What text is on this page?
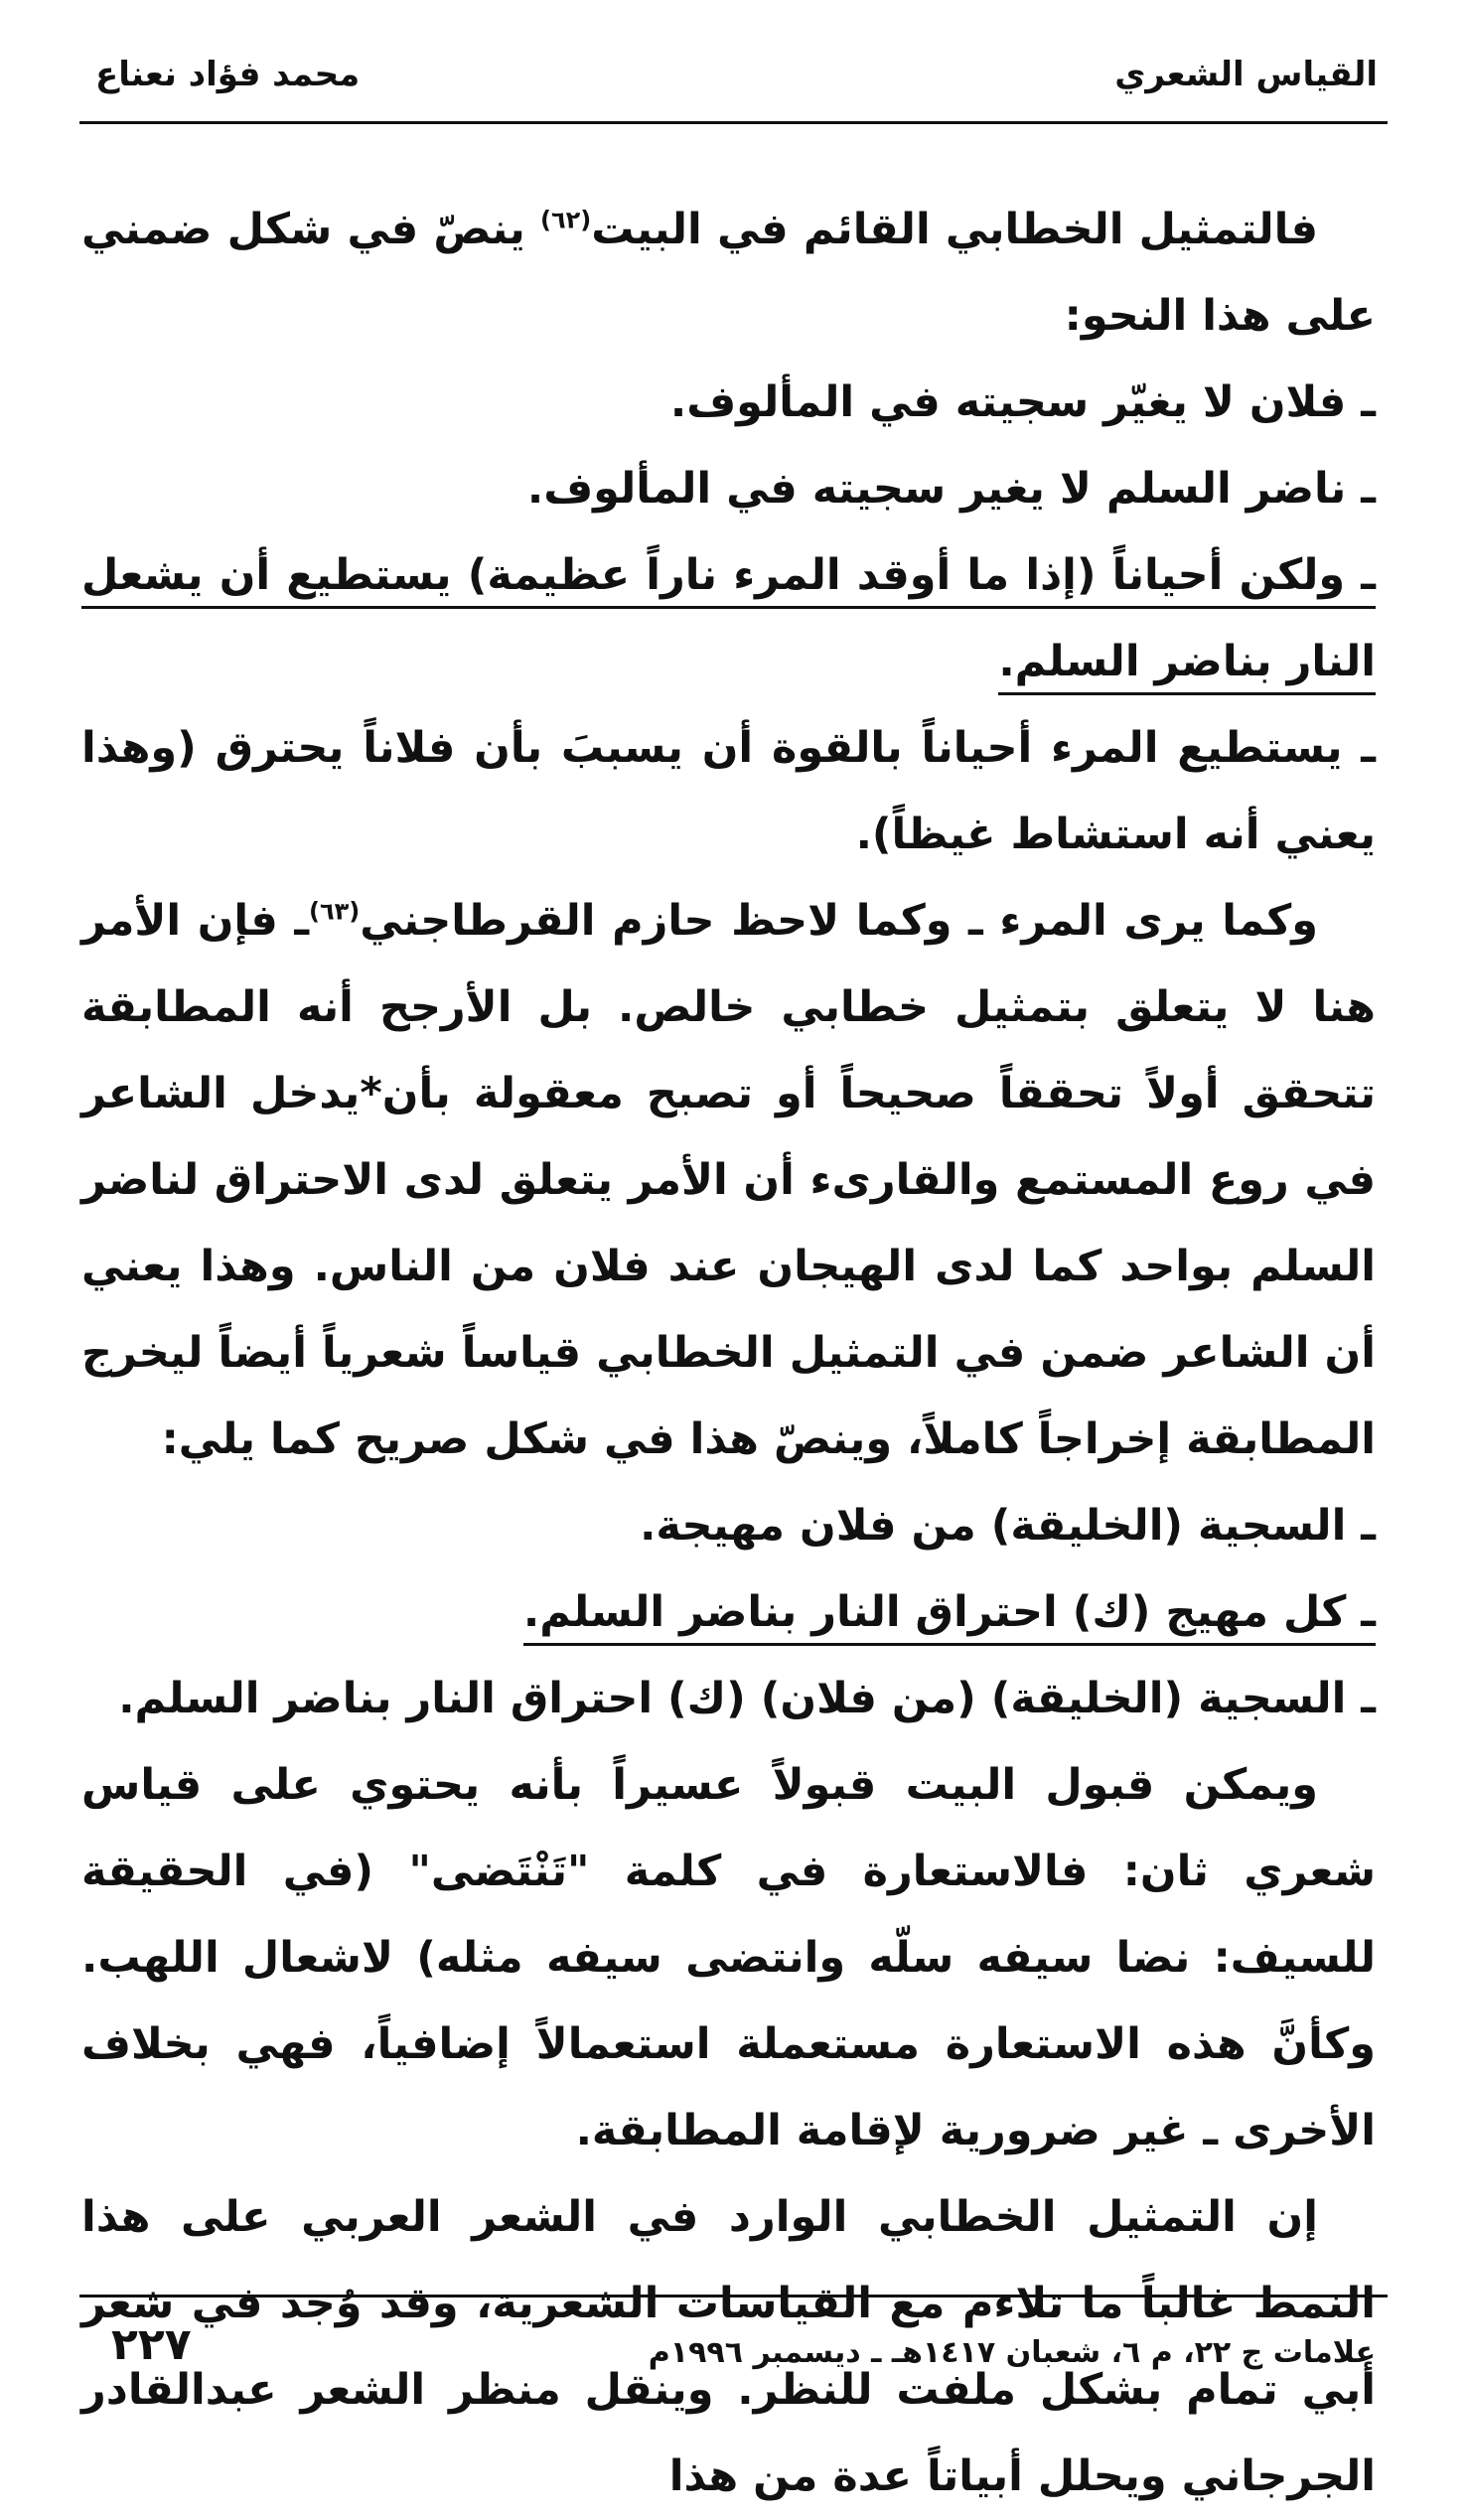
القياس الشعري
محمد فؤاد نعناع

فالتمثيل الخطابي القائم في البيت$^{(٦٢)}$ ينصّ في شكل ضمني على هذا النحو:

ـ فلان لا يغيّر سجيته في المألوف.

ـ ناضر السلم لا يغير سجيته في المألوف.

ـ ولكن أحياناً (إذا ما أوقد المرء ناراً عظيمة) يستطيع أن يشعل النار بناضر السلم.

ـ يستطيع المرء أحياناً بالقوة أن يسببَ بأن فلاناً يحترق (وهذا يعني أنه استشاط غيظاً).

وكما يرى المرء ـ وكما لاحظ حازم القرطاجني$^{(٦٣)}$ـ فإن الأمر هنا لا يتعلق بتمثيل خطابي خالص. بل الأرجح أنه المطابقة تتحقق أولاً تحققاً صحيحاً أو تصبح معقولة بأن*يدخل الشاعر في روع المستمع والقارىء أن الأمر يتعلق لدى الاحتراق لناضر السلم بواحد كما لدى الهيجان عند فلان من الناس. وهذا يعني أن الشاعر ضمن في التمثيل الخطابي قياساً شعرياً أيضاً ليخرج المطابقة إخراجاً كاملاً، وينصّ هذا في شكل صريح كما يلي:

ـ السجية (الخليقة) من فلان مهيجة.

ـ كل مهيج (ك) احتراق النار بناضر السلم.

ـ السجية (الخليقة) (من فلان) (ك) احتراق النار بناضر السلم.

ويمكن قبول البيت قبولاً عسيراً بأنه يحتوي على قياس شعري ثان: فالاستعارة في كلمة "تَنْتَضى" (في الحقيقة للسيف: نضا سيفه سلّه وانتضى سيفه مثله) لاشعال اللهب. وكأنَّ هذه الاستعارة مستعملة استعمالاً إضافياً، فهي بخلاف الأخرى ـ غير ضرورية لإقامة المطابقة.

إن التمثيل الخطابي الوارد في الشعر العربي على هذا النمط غالباً ما تلاءم مع القياسات الشعرية، وقد وُجد في شعر أبي تمام بشكل ملفت للنظر. وينقل منظر الشعر عبدالقادر الجرجاني ويحلل أبياتاً عدة من هذا

علامات ج ٢٢، م ٦، شعبان ١٤١٧هـ ـ ديسمبر ١٩٩٦م
٢٢٧
